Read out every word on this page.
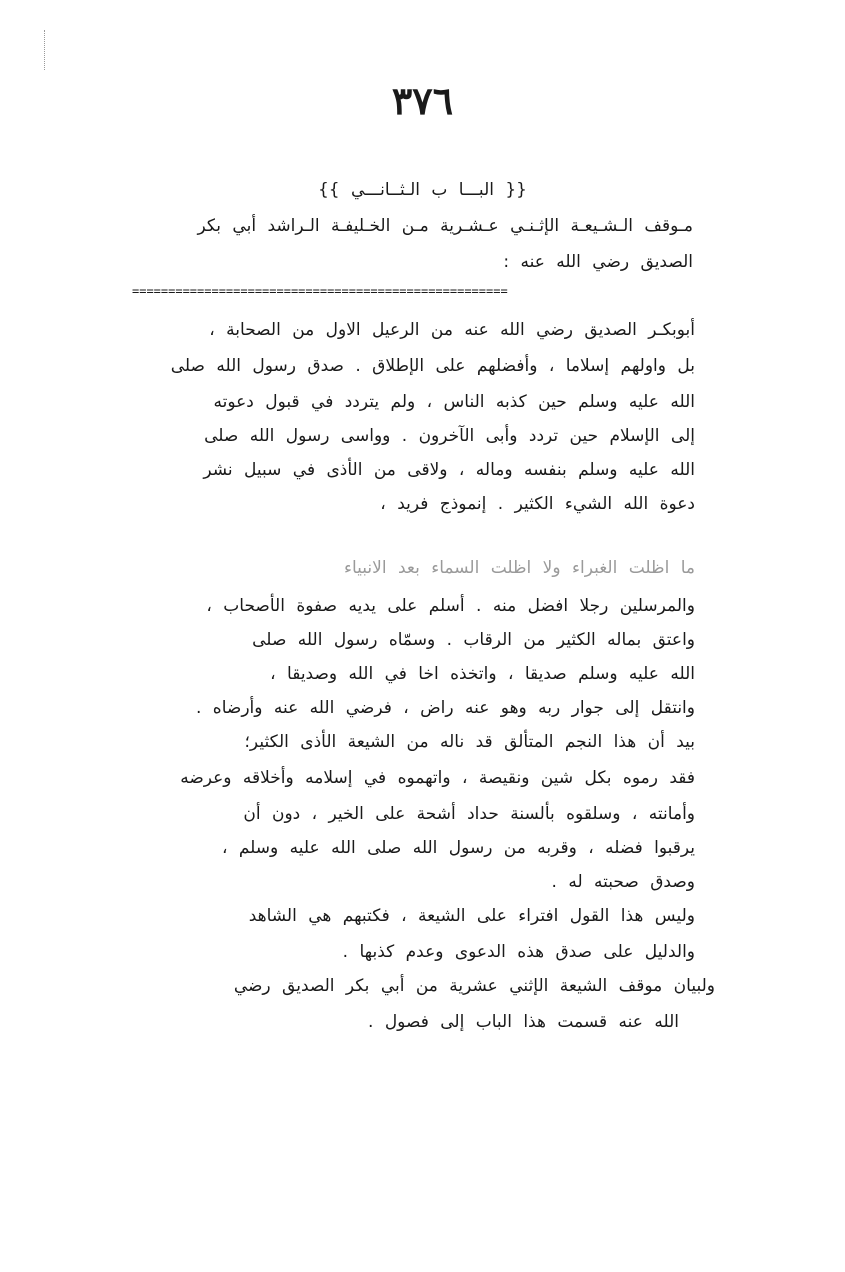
٣٧٦
{{ البـــا ب الـثــانـــي }}
مـوقف الـشـيعـة الإثـنـي عـشـرية مـن الخـليفـة الـراشد أبي بكر
الصديق رضي الله عنه :
====================================================
أبوبكـر الصديق رضي الله عنه من الرعيل الاول من الصحابة ،
بل واولهم إسلاما ، وأفضلهم على الإطلاق . صدق رسول الله صلى
الله عليه وسلم حين كذبه الناس ، ولم يتردد في قبول دعوته
إلى الإسلام حين تردد وأبى الآخرون . وواسى رسول الله صلى
الله عليه وسلم بنفسه وماله ، ولاقى من الأذى في سبيل نشر
دعوة الله الشيء الكثير . إنموذج فريد ،
ما اظلت الغبراء ولا اظلت السماء بعد الانبياء
والمرسلين رجلا افضل منه . أسلم على يديه صفوة الأصحاب ،
واعتق بماله الكثير من الرقاب . وسمّاه رسول الله صلى
الله عليه وسلم صديقا ، واتخذه اخا في الله وصديقا ،
وانتقل إلى جوار ربه وهو عنه راض ، فرضي الله عنه وأرضاه .
بيد أن هذا النجم المتألق قد ناله من الشيعة الأذى الكثير؛
فقد رموه بكل شين ونقيصة ، واتهموه في إسلامه وأخلاقه وعرضه
وأمانته ، وسلقوه بألسنة حداد أشحة على الخير ، دون أن
يرقبوا فضله ، وقربه من رسول الله صلى الله عليه وسلم ،
وصدق صحبته له .
وليس هذا القول افتراء على الشيعة ، فكتبهم هي الشاهد
والدليل على صدق هذه الدعوى وعدم كذبها .
ولبيان موقف الشيعة الإثني عشرية من أبي بكر الصديق رضي
الله عنه قسمت هذا الباب إلى فصول .
